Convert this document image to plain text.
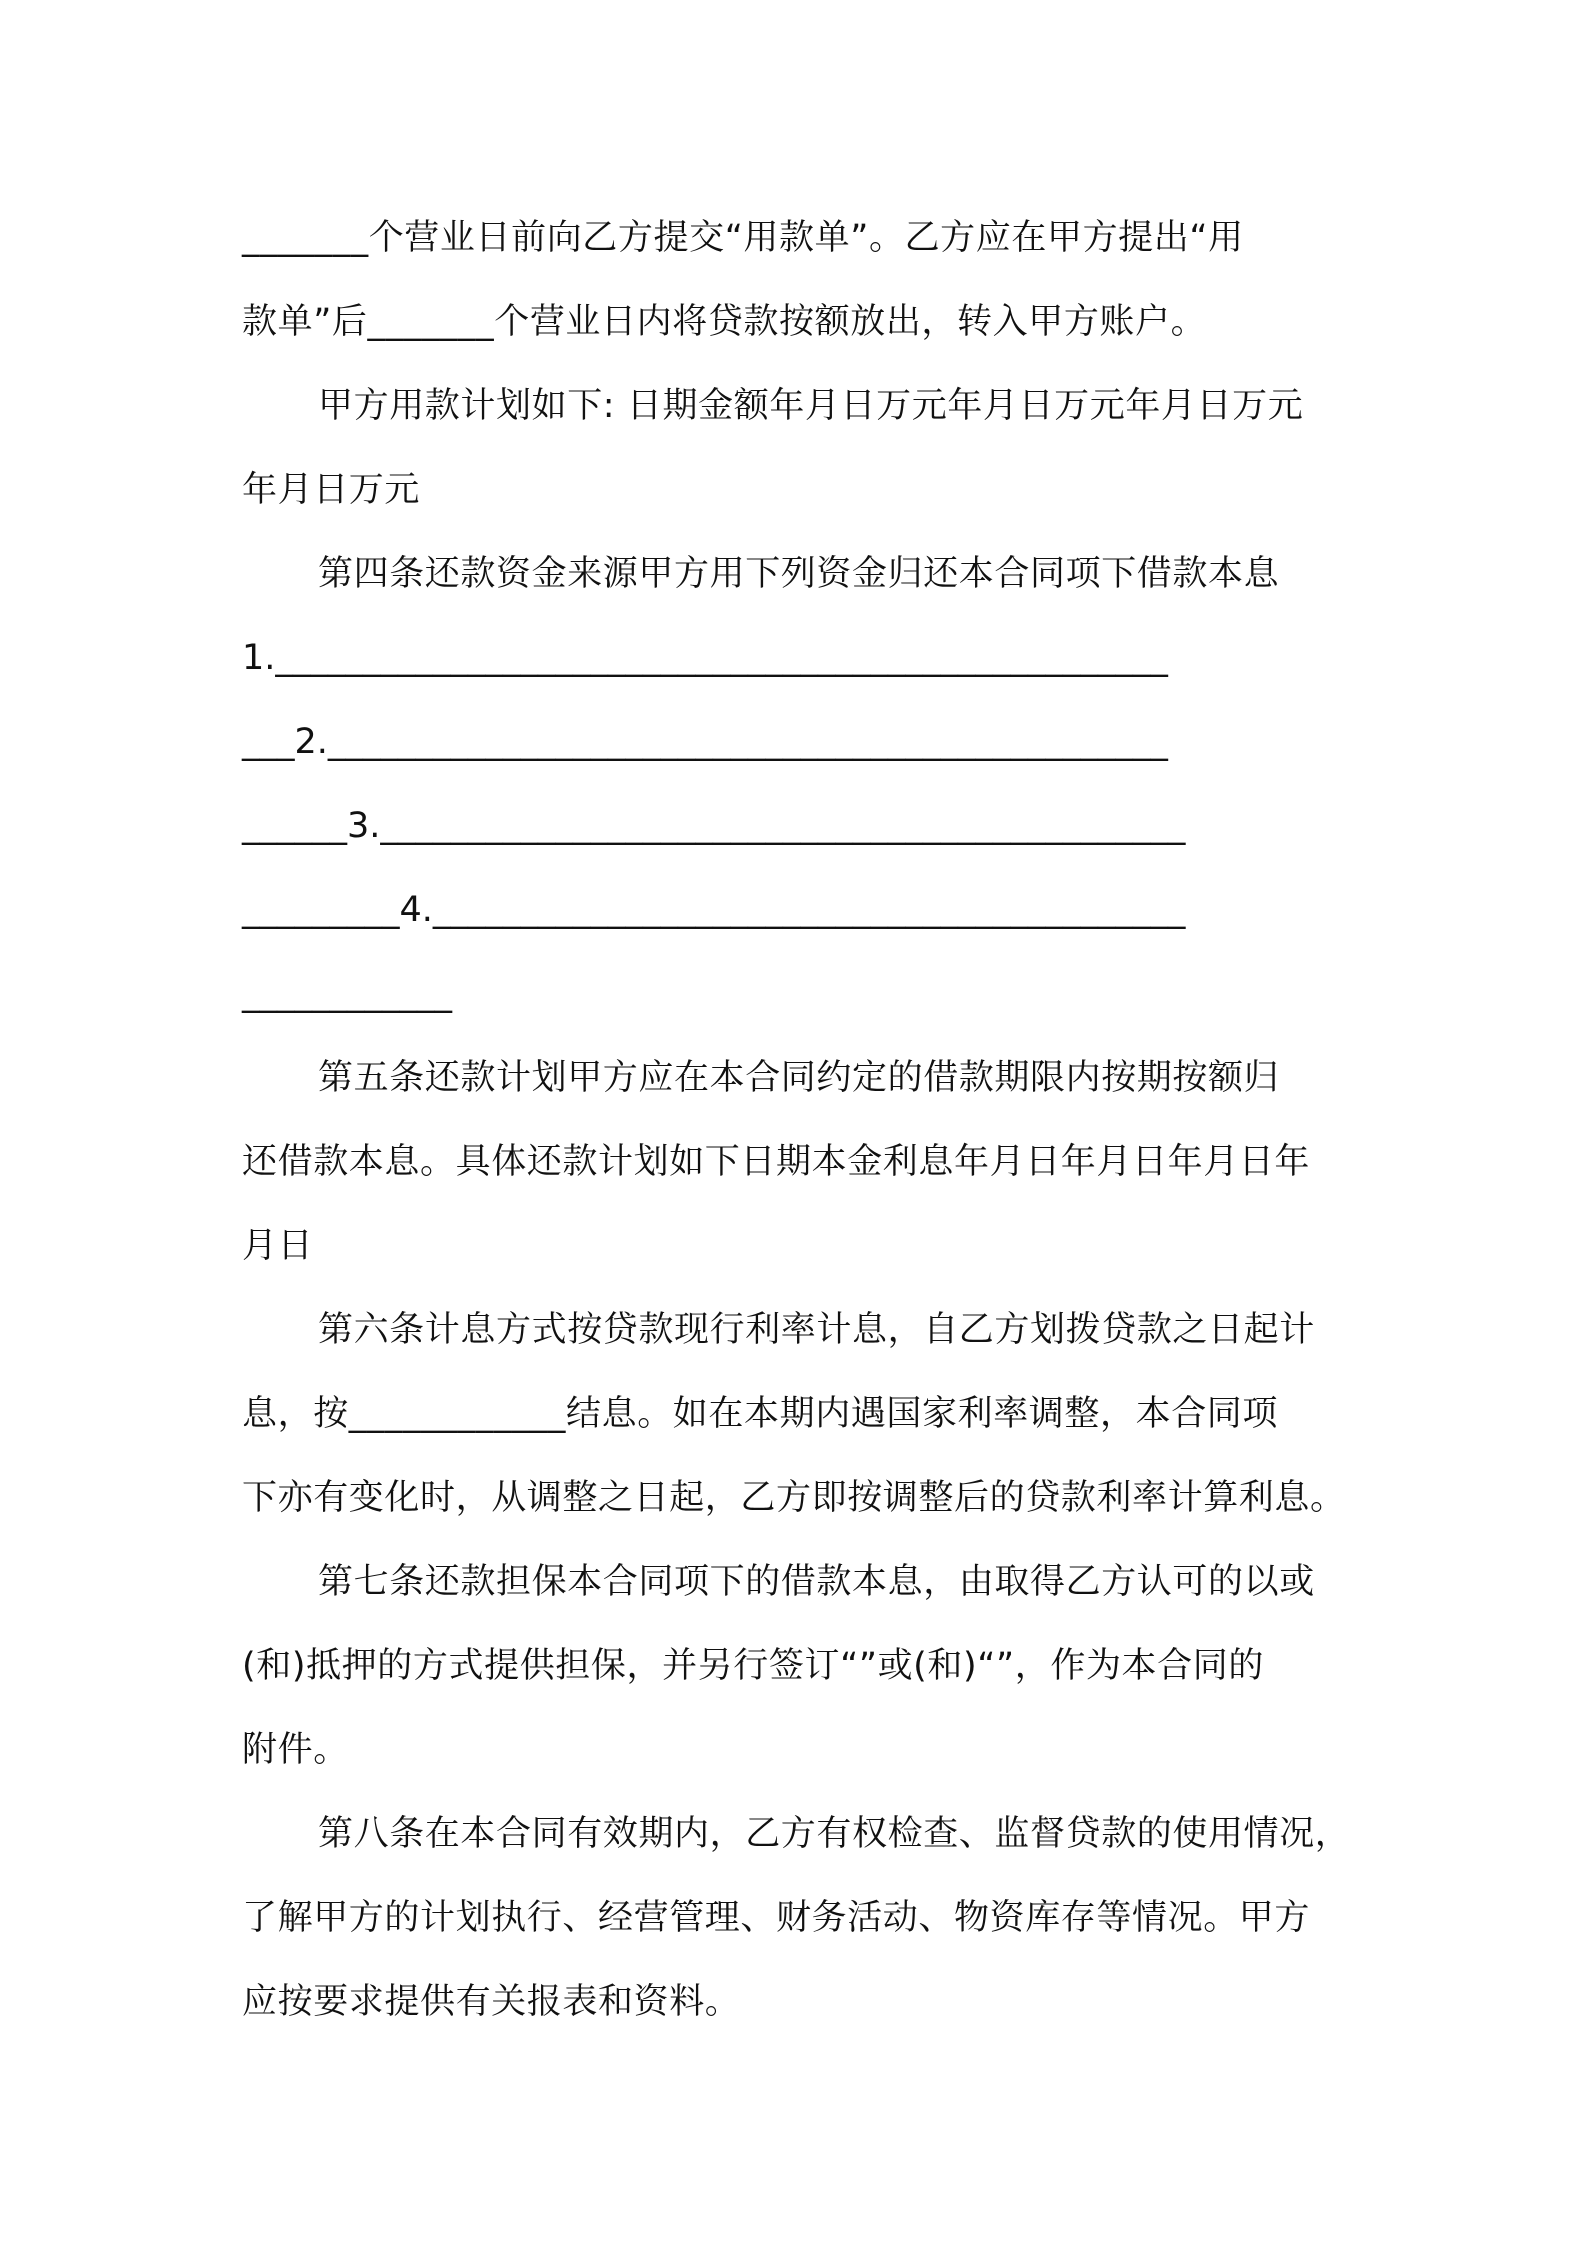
_______个营业日前向乙方提交“用款单”。乙方应在甲方提出“用
款单”后_______个营业日内将贷款按额放出，转入甲方账户。
甲方用款计划如下: 日期金额年月日万元年月日万元年月日万元
年月日万元
第四条还款资金来源甲方用下列资金归还本合同项下借款本息
1.___________________________________________________
___2.________________________________________________
______3.______________________________________________
_________4.___________________________________________
____________
第五条还款计划甲方应在本合同约定的借款期限内按期按额归
还借款本息。具体还款计划如下日期本金利息年月日年月日年月日年
月日
第六条计息方式按贷款现行利率计息，自乙方划拨贷款之日起计
息，按____________结息。如在本期内遇国家利率调整，本合同项
下亦有变化时，从调整之日起，乙方即按调整后的贷款利率计算利息。
第七条还款担保本合同项下的借款本息，由取得乙方认可的以或
(和)抵押的方式提供担保，并另行签订“”或(和)“”，作为本合同的
附件。
第八条在本合同有效期内，乙方有权检查、监督贷款的使用情况，
了解甲方的计划执行、经营管理、财务活动、物资库存等情况。甲方
应按要求提供有关报表和资料。
